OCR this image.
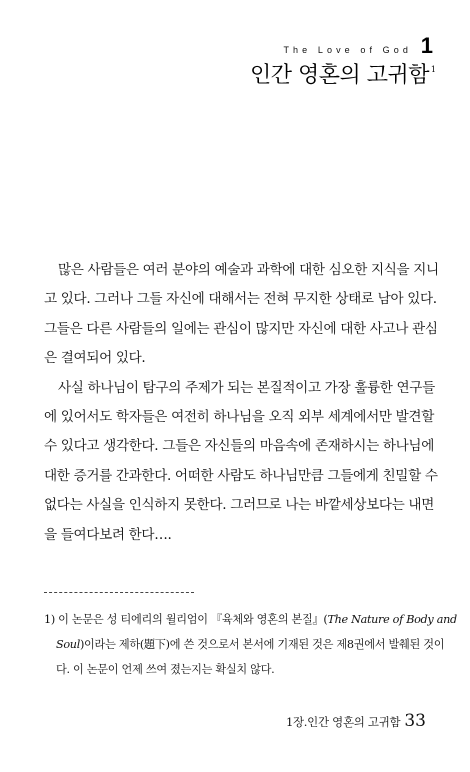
The Love of God 1
인간 영혼의 고귀함 1
많은 사람들은 여러 분야의 예술과 과학에 대한 심오한 지식을 지니
고 있다. 그러나 그들 자신에 대해서는 전혀 무지한 상태로 남아 있다.
그들은 다른 사람들의 일에는 관심이 많지만 자신에 대한 사고나 관심
은 결여되어 있다.
사실 하나님이 탐구의 주제가 되는 본질적이고 가장 훌륭한 연구들
에 있어서도 학자들은 여전히 하나님을 오직 외부 세계에서만 발견할
수 있다고 생각한다. 그들은 자신들의 마음속에 존재하시는 하나님에
대한 증거를 간과한다. 어떠한 사람도 하나님만큼 그들에게 친밀할 수
없다는 사실을 인식하지 못한다. 그러므로 나는 바깥세상보다는 내면
을 들여다보려 한다….
1) 이 논문은 성 티에리의 윌리엄이 『육체와 영혼의 본질』(The Nature of Body and
Soul)이라는 제하(題下)에 쓴 것으로서 본서에 기재된 것은 제8권에서 발췌된 것이
다. 이 논문이 언제 쓰여 졌는지는 확실치 않다.
1장.인간 영혼의 고귀함 33
